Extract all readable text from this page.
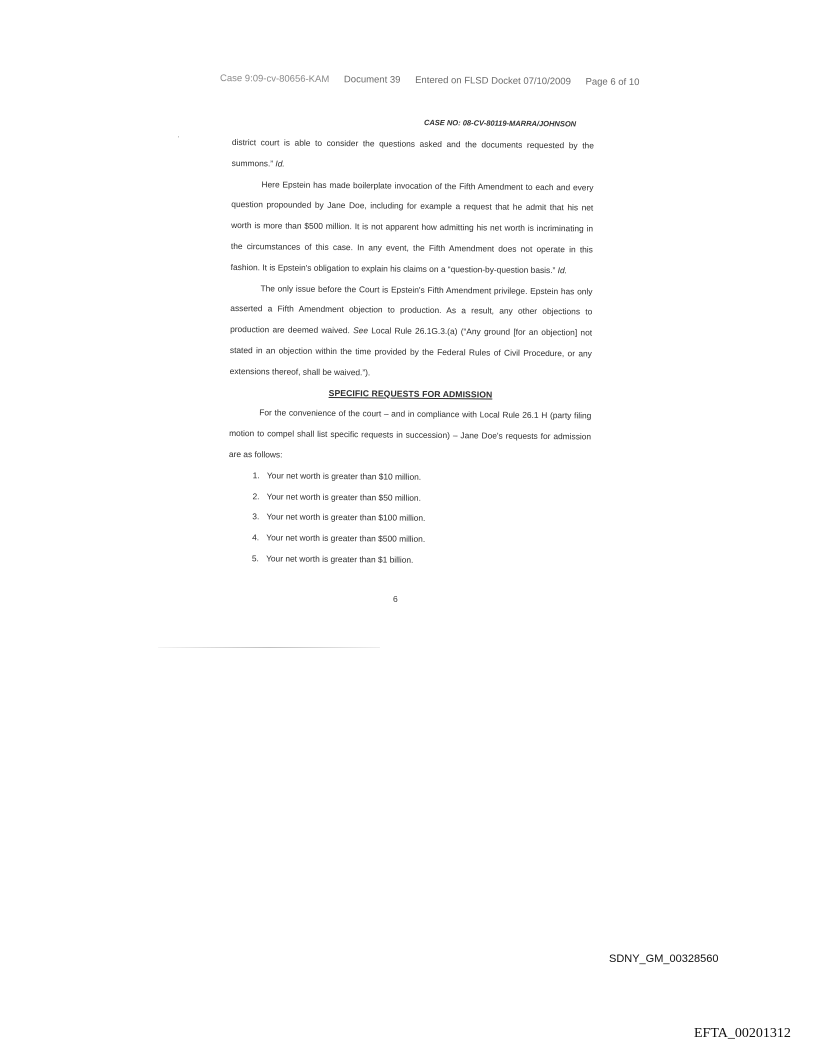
Case 9:09-cv-80656-KAM Document 39 Entered on FLSD Docket 07/10/2009 Page 6 of 10
CASE NO: 08-CV-80119-MARRA/JOHNSON
'	district court is able to consider the questions asked and the documents requested by the summons.” Id.

Here Epstein has made boilerplate invocation of the Fifth Amendment to each and every question propounded by Jane Doe, including for example a request that he admit that his net worth is more than $500 million. It is not apparent how admitting his net worth is incriminating in the circumstances of this case. In any event, the Fifth Amendment does not operate in this fashion. It is Epstein's obligation to explain his claims on a “question-by-question basis.” Id.

The only issue before the Court is Epstein's Fifth Amendment privilege. Epstein has only asserted a Fifth Amendment objection to production. As a result, any other objections to production are deemed waived. See Local Rule 26.1G.3.(a) (“Any ground [for an objection] not stated in an objection within the time provided by the Federal Rules of Civil Procedure, or any extensions thereof, shall be waived.”).

SPECIFIC REQUESTS FOR ADMISSION

For the convenience of the court – and in compliance with Local Rule 26.1 H (party filing motion to compel shall list specific requests in succession) – Jane Doe's requests for admission are as follows:

1. Your net worth is greater than $10 million.
2. Your net worth is greater than $50 million.
3. Your net worth is greater than $100 million.
4. Your net worth is greater than $500 million.
5. Your net worth is greater than $1 billion.
6
SDNY_GM_00328560
EFTA_00201312
